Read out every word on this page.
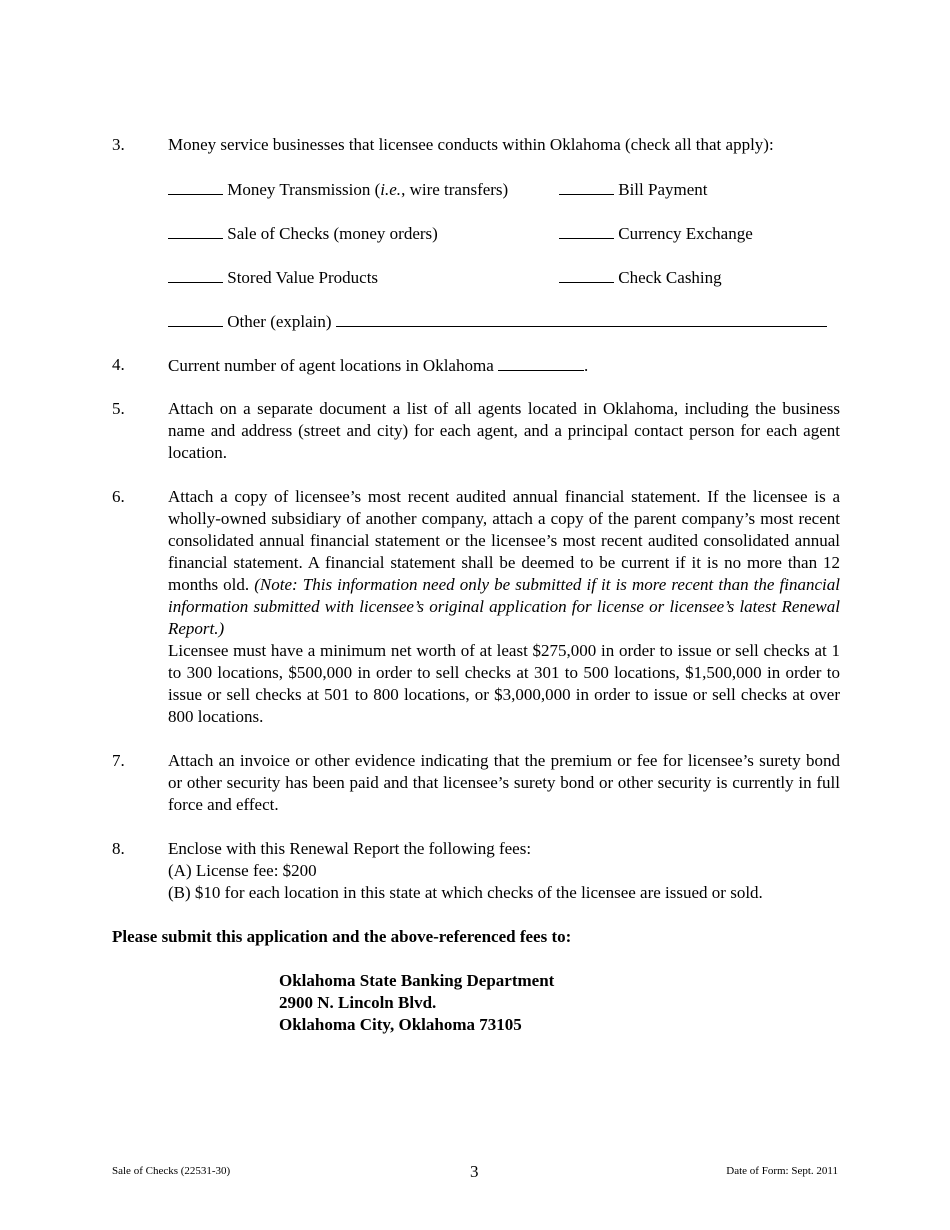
3.	Money service businesses that licensee conducts within Oklahoma (check all that apply):

Money Transmission (i.e., wire transfers)	Bill Payment
Sale of Checks (money orders)	Currency Exchange
Stored Value Products	Check Cashing
Other (explain)
4.	Current number of agent locations in Oklahoma	.
5.	Attach on a separate document a list of all agents located in Oklahoma, including the business name and address (street and city) for each agent, and a principal contact person for each agent location.

6.	Attach a copy of licensee’s most recent audited annual financial statement. If the licensee is a wholly-owned subsidiary of another company, attach a copy of the parent company’s most recent consolidated annual financial statement or the licensee’s most recent audited consolidated annual financial statement. A financial statement shall be deemed to be current if it is no more than 12 months old. (Note: This information need only be submitted if it is more recent than the financial information submitted with licensee’s original application for license or licensee’s latest Renewal Report.)

Licensee must have a minimum net worth of at least $275,000 in order to issue or sell checks at 1 to 300 locations, $500,000 in order to sell checks at 301 to 500 locations, $1,500,000 in order to issue or sell checks at 501 to 800 locations, or $3,000,000 in order to issue or sell checks at over 800 locations.

7.	Attach an invoice or other evidence indicating that the premium or fee for licensee’s surety bond or other security has been paid and that licensee’s surety bond or other security is currently in full force and effect.

8.	Enclose with this Renewal Report the following fees:

(A) License fee: $200

(B) $10 for each location in this state at which checks of the licensee are issued or sold.

Please submit this application and the above-referenced fees to:
Oklahoma State Banking Department
2900 N. Lincoln Blvd.
Oklahoma City, Oklahoma 73105
Sale of Checks (22531-30)	3	Date of Form: Sept. 2011
